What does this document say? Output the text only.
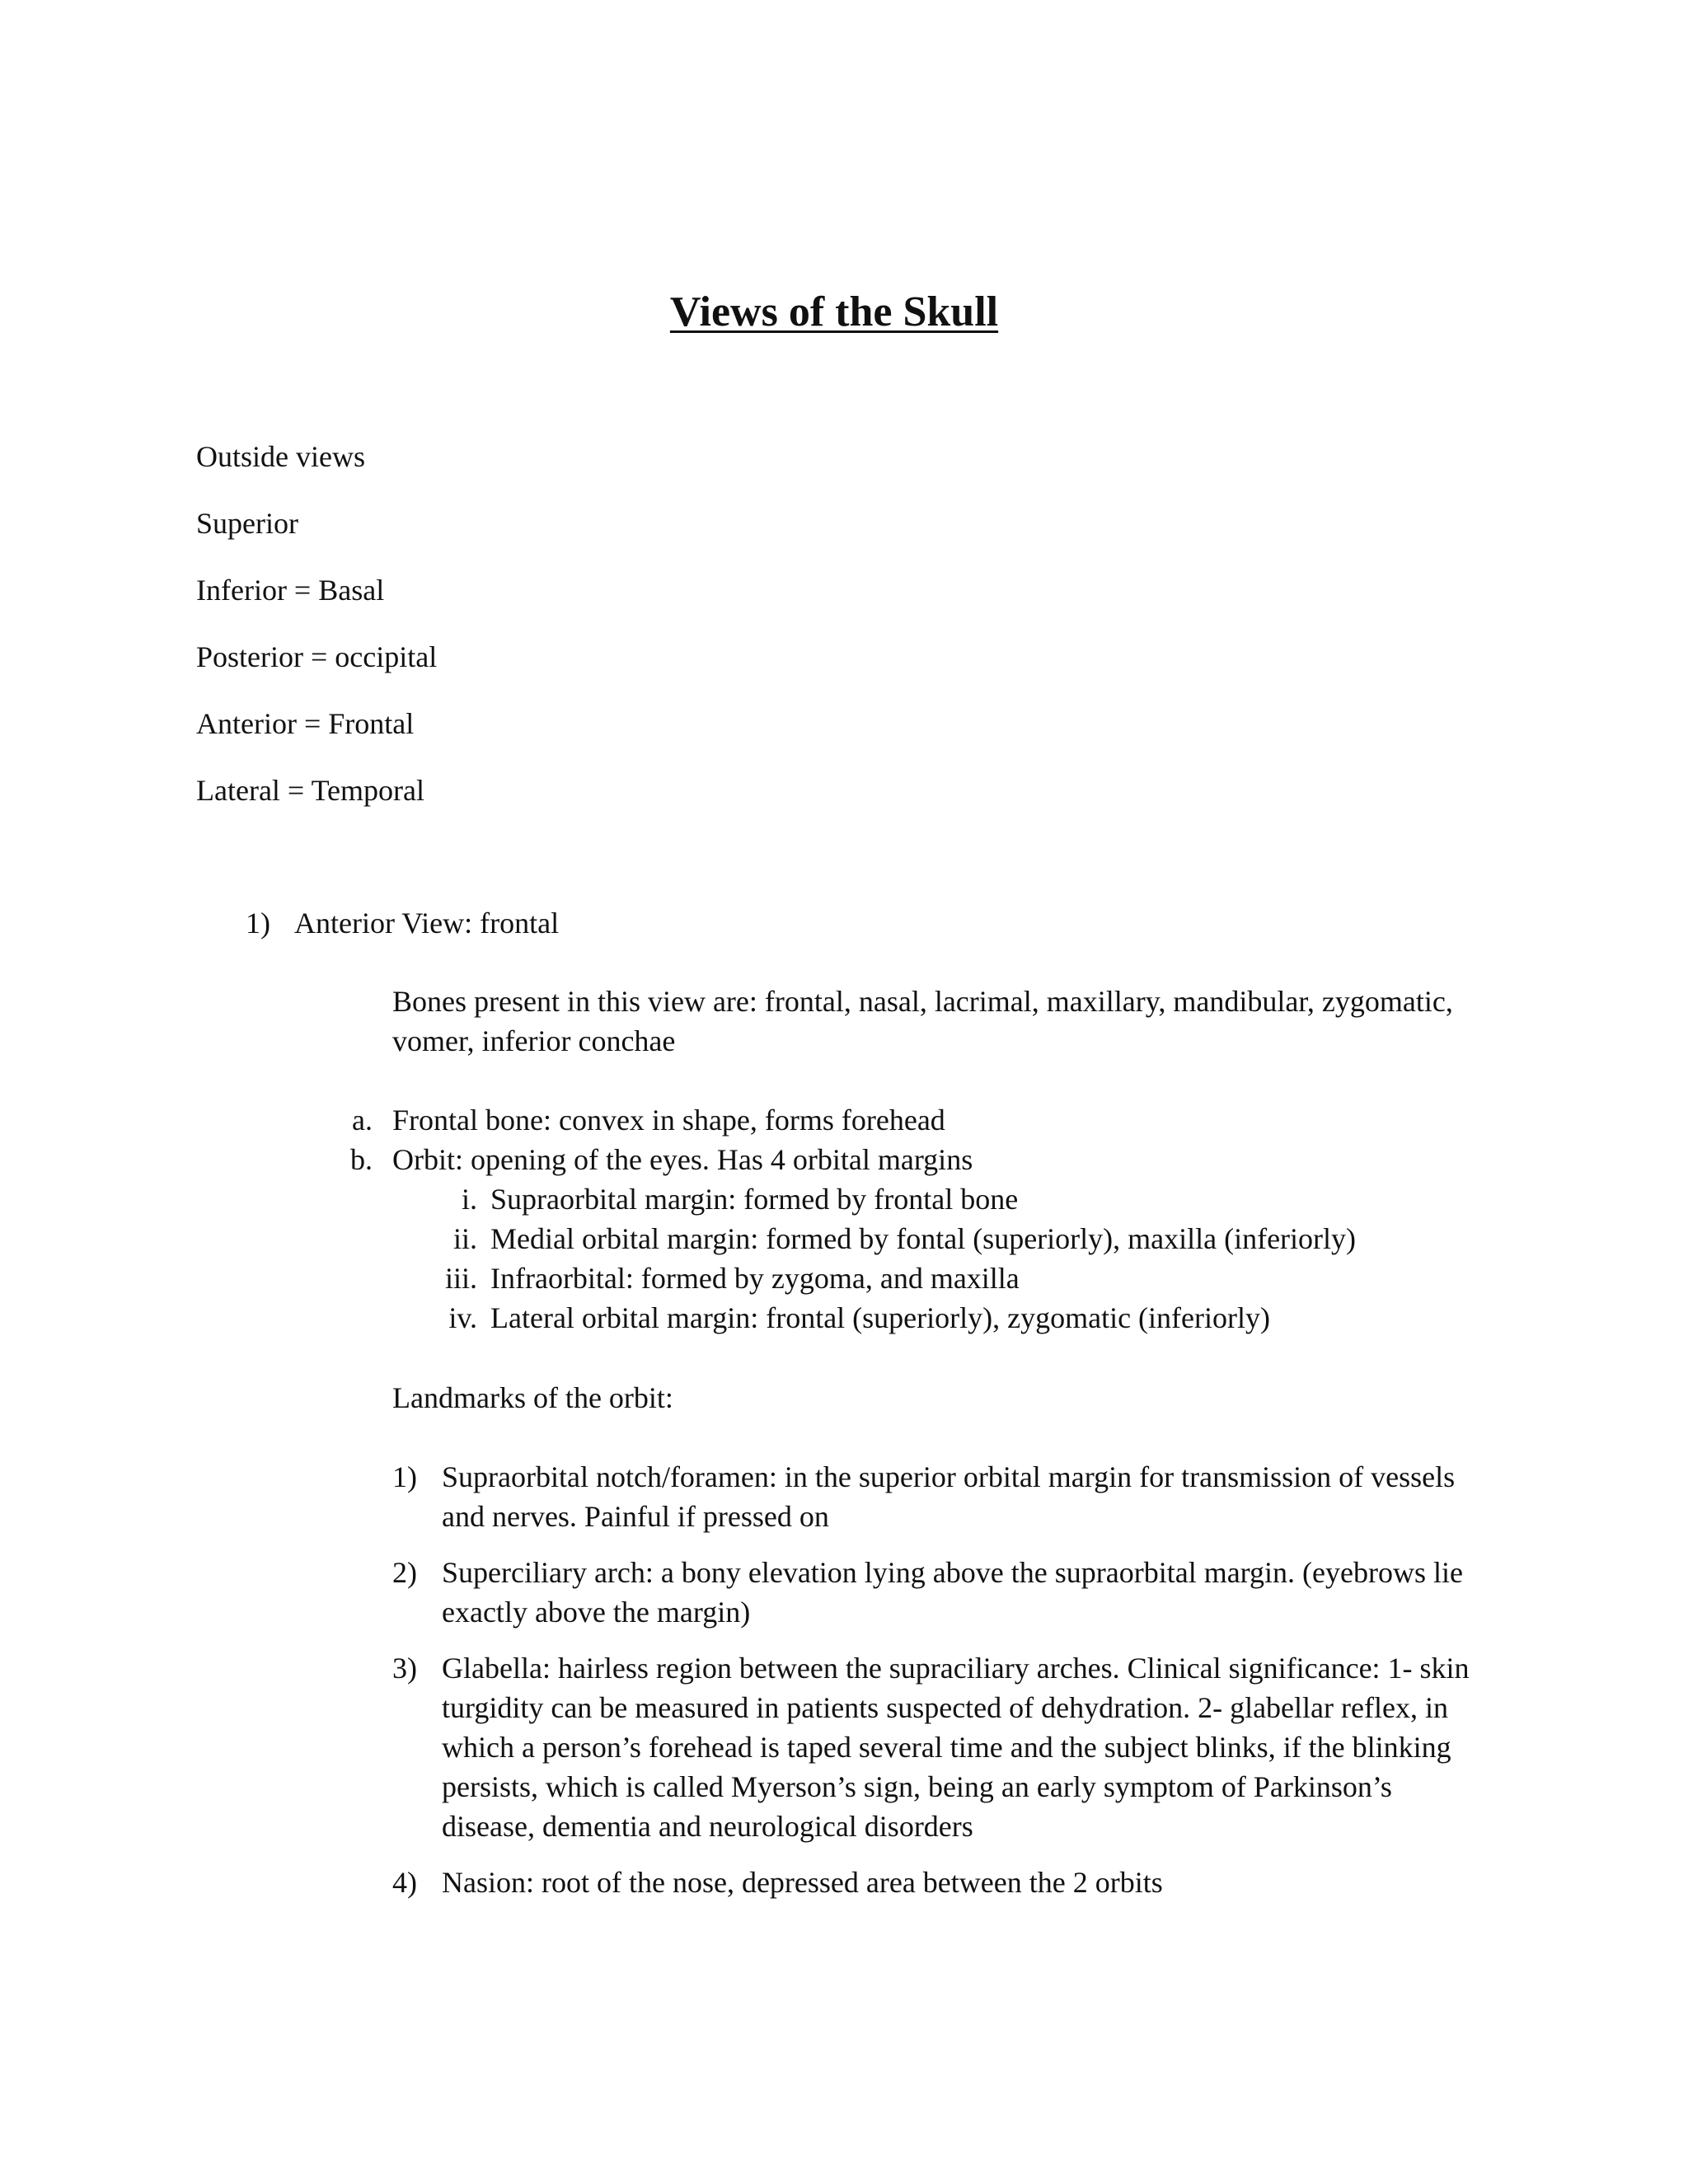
Views of the Skull

Outside views

Superior

Inferior = Basal

Posterior = occipital

Anterior = Frontal

Lateral = Temporal

1) Anterior View: frontal

Bones present in this view are: frontal, nasal, lacrimal, maxillary, mandibular, zygomatic, vomer, inferior conchae

a. Frontal bone: convex in shape, forms forehead
b. Orbit: opening of the eyes. Has 4 orbital margins
i. Supraorbital margin: formed by frontal bone
ii. Medial orbital margin: formed by fontal (superiorly), maxilla (inferiorly)
iii. Infraorbital: formed by zygoma, and maxilla
iv. Lateral orbital margin: frontal (superiorly), zygomatic (inferiorly)

Landmarks of the orbit:

1) Supraorbital notch/foramen: in the superior orbital margin for transmission of vessels and nerves. Painful if pressed on
2) Superciliary arch: a bony elevation lying above the supraorbital margin. (eyebrows lie exactly above the margin)
3) Glabella: hairless region between the supraciliary arches. Clinical significance: 1- skin turgidity can be measured in patients suspected of dehydration. 2- glabellar reflex, in which a person’s forehead is taped several time and the subject blinks, if the blinking persists, which is called Myerson’s sign, being an early symptom of Parkinson’s disease, dementia and neurological disorders
4) Nasion: root of the nose, depressed area between the 2 orbits
